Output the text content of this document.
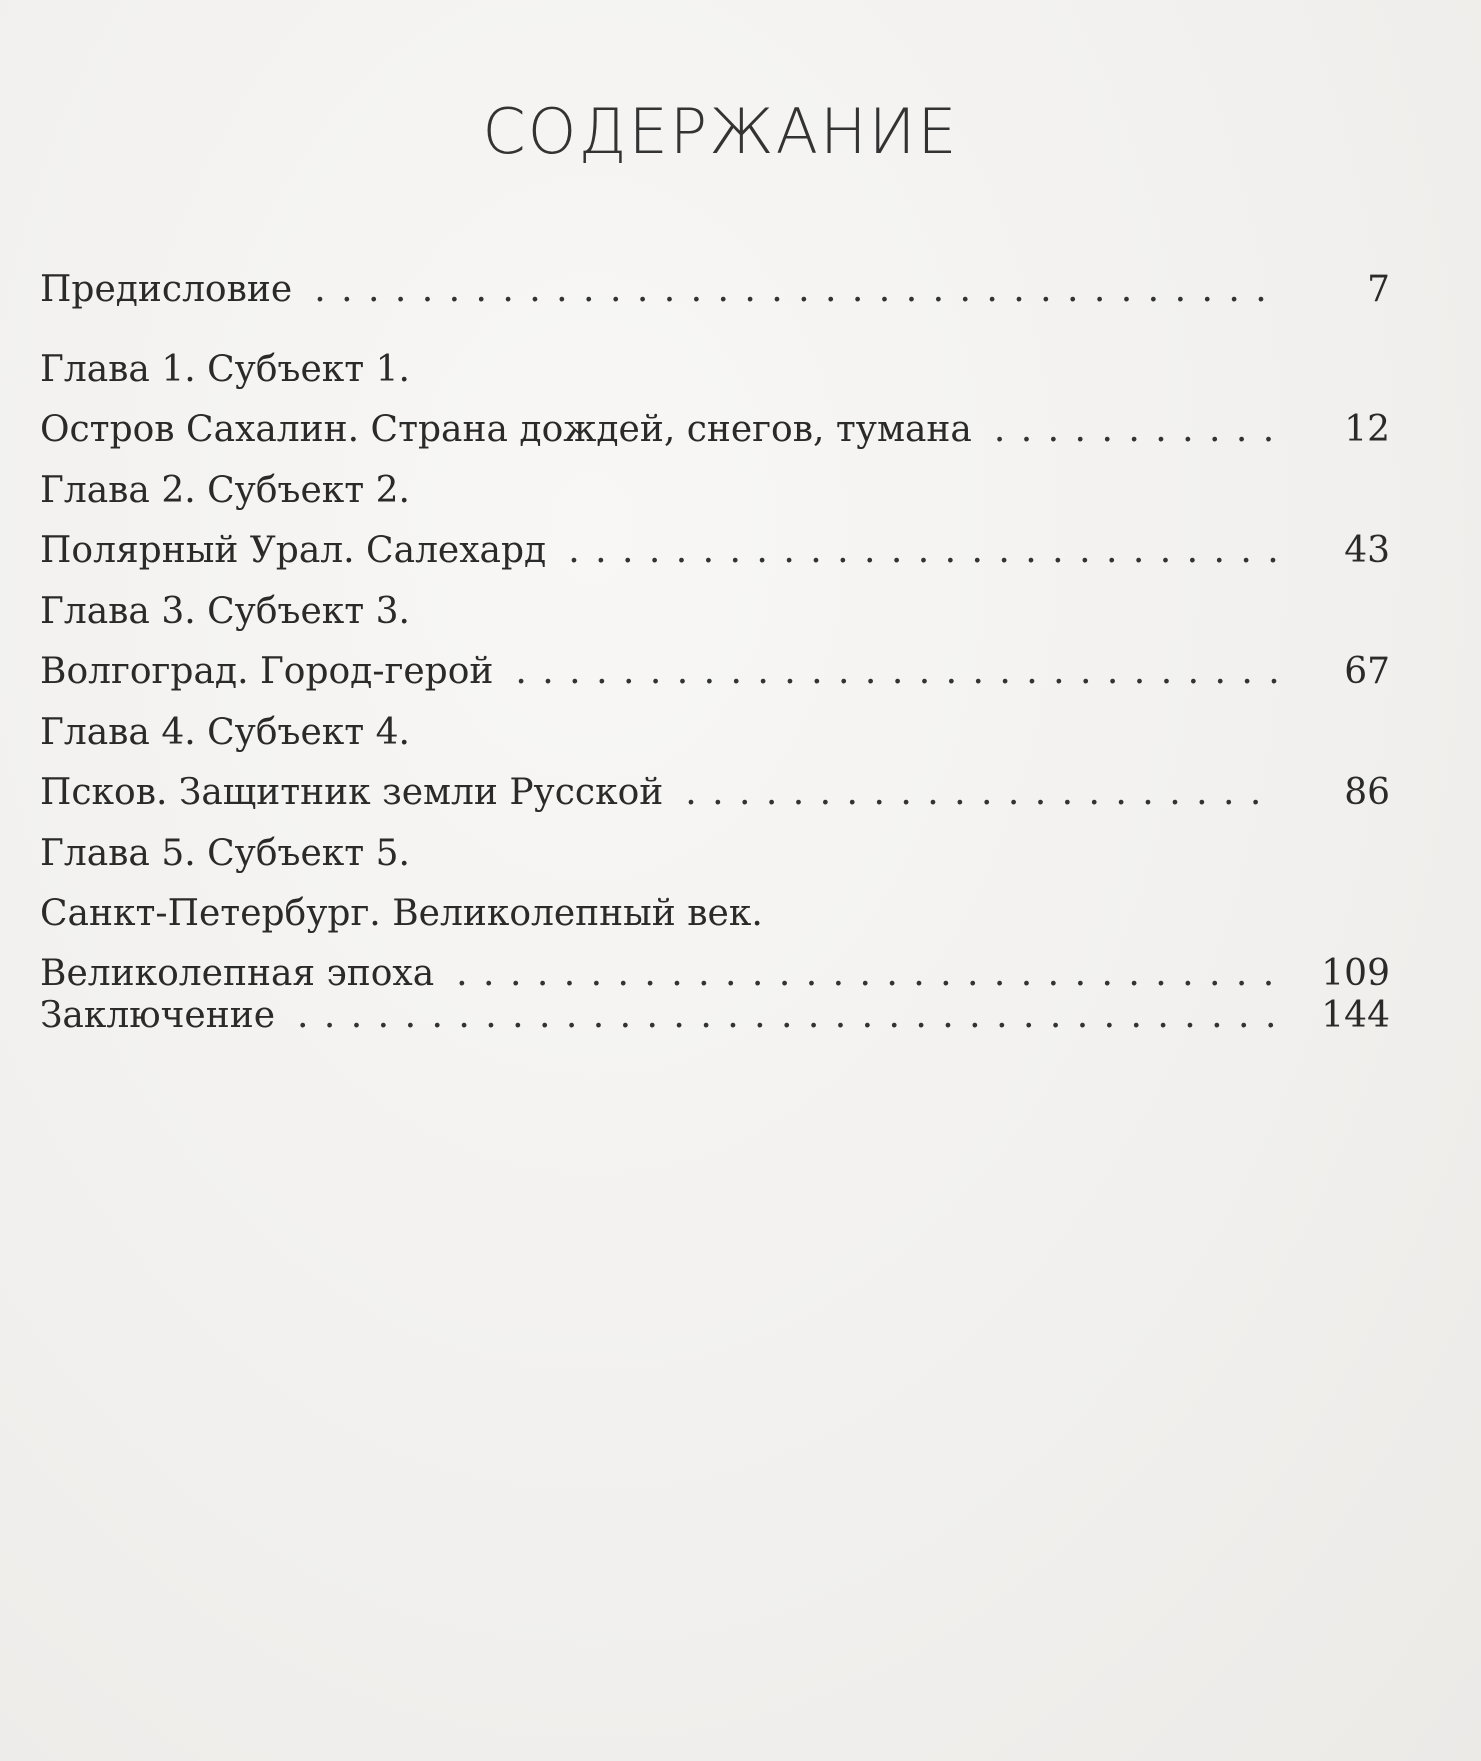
СОДЕРЖАНИЕ
Предисловие . . .	7
Глава 1. Субъект 1.
Остров Сахалин. Страна дождей, снегов, тумана . . .	12
Глава 2. Субъект 2.
Полярный Урал. Салехард . . .	43
Глава 3. Субъект 3.
Волгоград. Город-герой . . .	67
Глава 4. Субъект 4.
Псков. Защитник земли Русской . . .	86
Глава 5. Субъект 5.
Санкт-Петербург. Великолепный век.
Великолепная эпоха . . .	109
Заключение . . .	144
